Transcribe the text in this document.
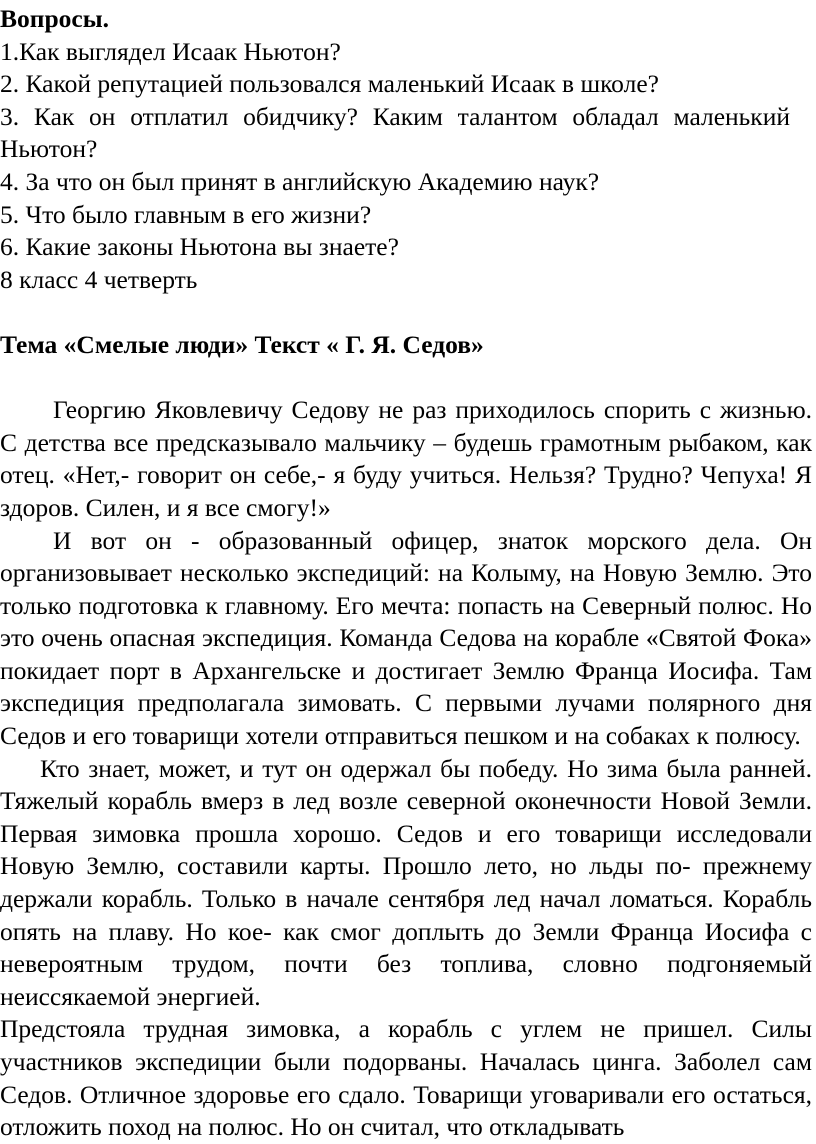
Вопросы.
1.Как выглядел Исаак Ньютон?
2. Какой репутацией пользовался маленький Исаак в школе?
3. Как он отплатил обидчику? Каким талантом обладал маленький Ньютон?
4. За что он был принят в английскую Академию наук?
5. Что было главным в его жизни?
6. Какие законы Ньютона вы знаете?
8 класс 4 четверть
Тема «Смелые люди» Текст « Г. Я. Седов»

Георгию Яковлевичу Седову не раз приходилось спорить с жизнью. С детства все предсказывало мальчику – будешь грамотным рыбаком, как отец. «Нет,- говорит он себе,- я буду учиться. Нельзя? Трудно? Чепуха! Я здоров. Силен, и я все смогу!»

И вот он - образованный офицер, знаток морского дела. Он организовывает несколько экспедиций: на Колыму, на Новую Землю. Это только подготовка к главному. Его мечта: попасть на Северный полюс. Но это очень опасная экспедиция. Команда Седова на корабле «Святой Фока» покидает порт в Архангельске и достигает Землю Франца Иосифа. Там экспедиция предполагала зимовать. С первыми лучами полярного дня Седов и его товарищи хотели отправиться пешком и на собаках к полюсу.

Кто знает, может, и тут он одержал бы победу. Но зима была ранней. Тяжелый корабль вмерз в лед возле северной оконечности Новой Земли. Первая зимовка прошла хорошо. Седов и его товарищи исследовали Новую Землю, составили карты. Прошло лето, но льды по- прежнему держали корабль. Только в начале сентября лед начал ломаться. Корабль опять на плаву. Но кое- как смог доплыть до Земли Франца Иосифа с невероятным трудом, почти без топлива, словно подгоняемый неиссякаемой энергией.

Предстояла трудная зимовка, а корабль с углем не пришел. Силы участников экспедиции были подорваны. Началась цинга. Заболел сам Седов. Отличное здоровье его сдало. Товарищи уговаривали его остаться, отложить поход на полюс. Но он считал, что откладывать
